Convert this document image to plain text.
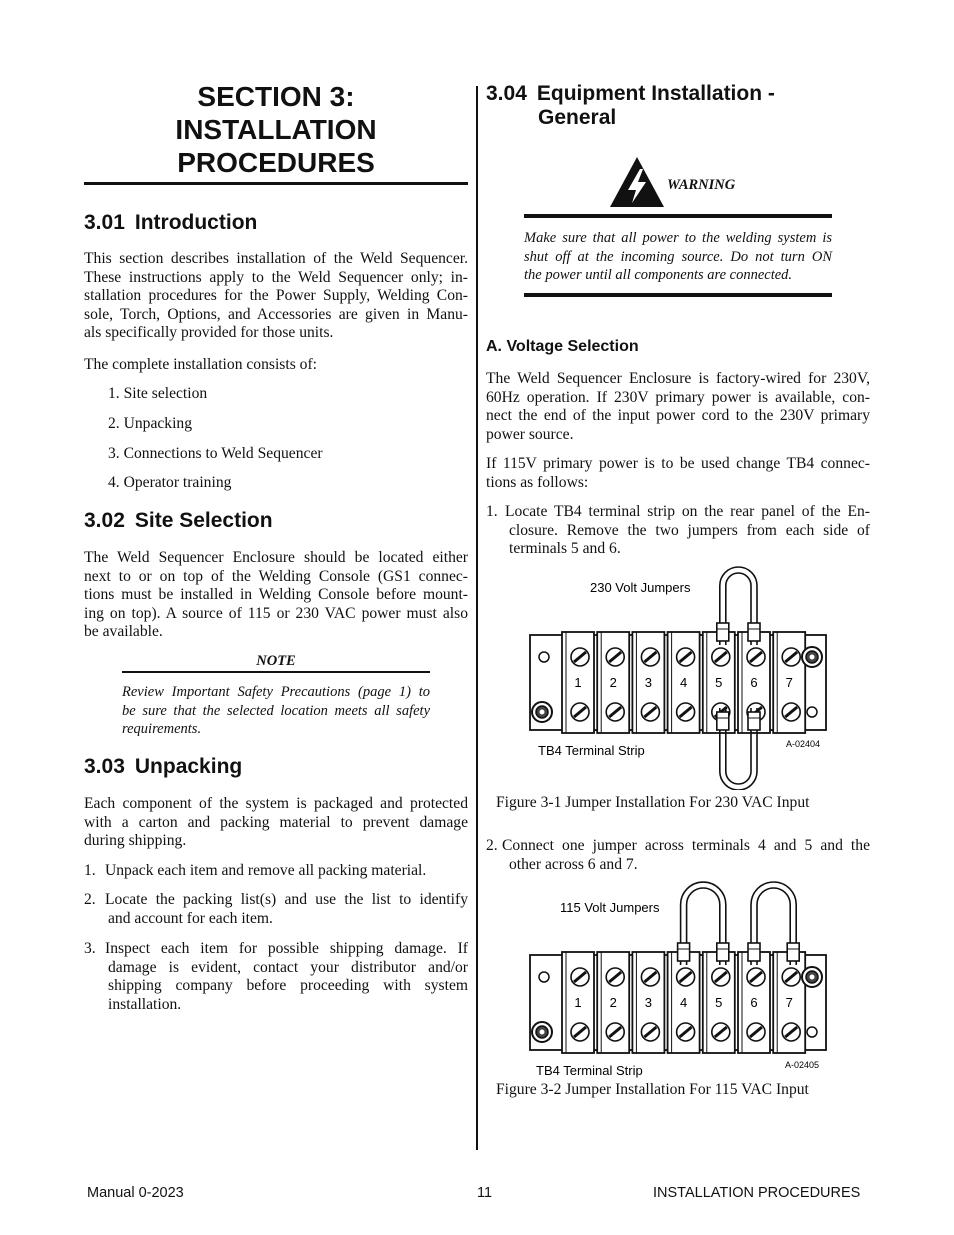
SECTION 3:
INSTALLATION
PROCEDURES
3.01 Introduction
This section describes installation of the Weld Sequencer.
These instructions apply to the Weld Sequencer only; in-
stallation procedures for the Power Supply, Welding Con-
sole, Torch, Options, and Accessories are given in Manu-
als specifically provided for those units.
The complete installation consists of:
1. Site selection
2. Unpacking
3. Connections to Weld Sequencer
4. Operator training
3.02 Site Selection
The Weld Sequencer Enclosure should be located either
next to or on top of the Welding Console (GS1 connec-
tions must be installed in Welding Console before mount-
ing on top). A source of 115 or 230 VAC power must also
be available.
NOTE
Review Important Safety Precautions (page 1) to
be sure that the selected location meets all safety
requirements.
3.03 Unpacking
Each component of the system is packaged and protected
with a carton and packing material to prevent damage
during shipping.
1. Unpack each item and remove all packing material.
2. Locate the packing list(s) and use the list to identify
and account for each item.
3. Inspect each item for possible shipping damage. If
damage is evident, contact your distributor and/or
shipping company before proceeding with system
installation.
3.04 Equipment Installation -
General
WARNING
Make sure that all power to the welding system is
shut off at the incoming source. Do not turn ON
the power until all components are connected.
A. Voltage Selection
The Weld Sequencer Enclosure is factory-wired for 230V,
60Hz operation. If 230V primary power is available, con-
nect the end of the input power cord to the 230V primary
power source.
If 115V primary power is to be used change TB4 connec-
tions as follows:
1. Locate TB4 terminal strip on the rear panel of the En-
closure. Remove the two jumpers from each side of
terminals 5 and 6.
230 Volt Jumpers
TB4 Terminal Strip	A-02404
1 2 3 4 5 6 7
Figure 3-1 Jumper Installation For 230 VAC Input
2. Connect one jumper across terminals 4 and 5 and the
other across 6 and 7.
115 Volt Jumpers
TB4 Terminal Strip	A-02405
1 2 3 4 5 6 7
Figure 3-2 Jumper Installation For 115 VAC Input
Manual 0-2023	11	INSTALLATION PROCEDURES
